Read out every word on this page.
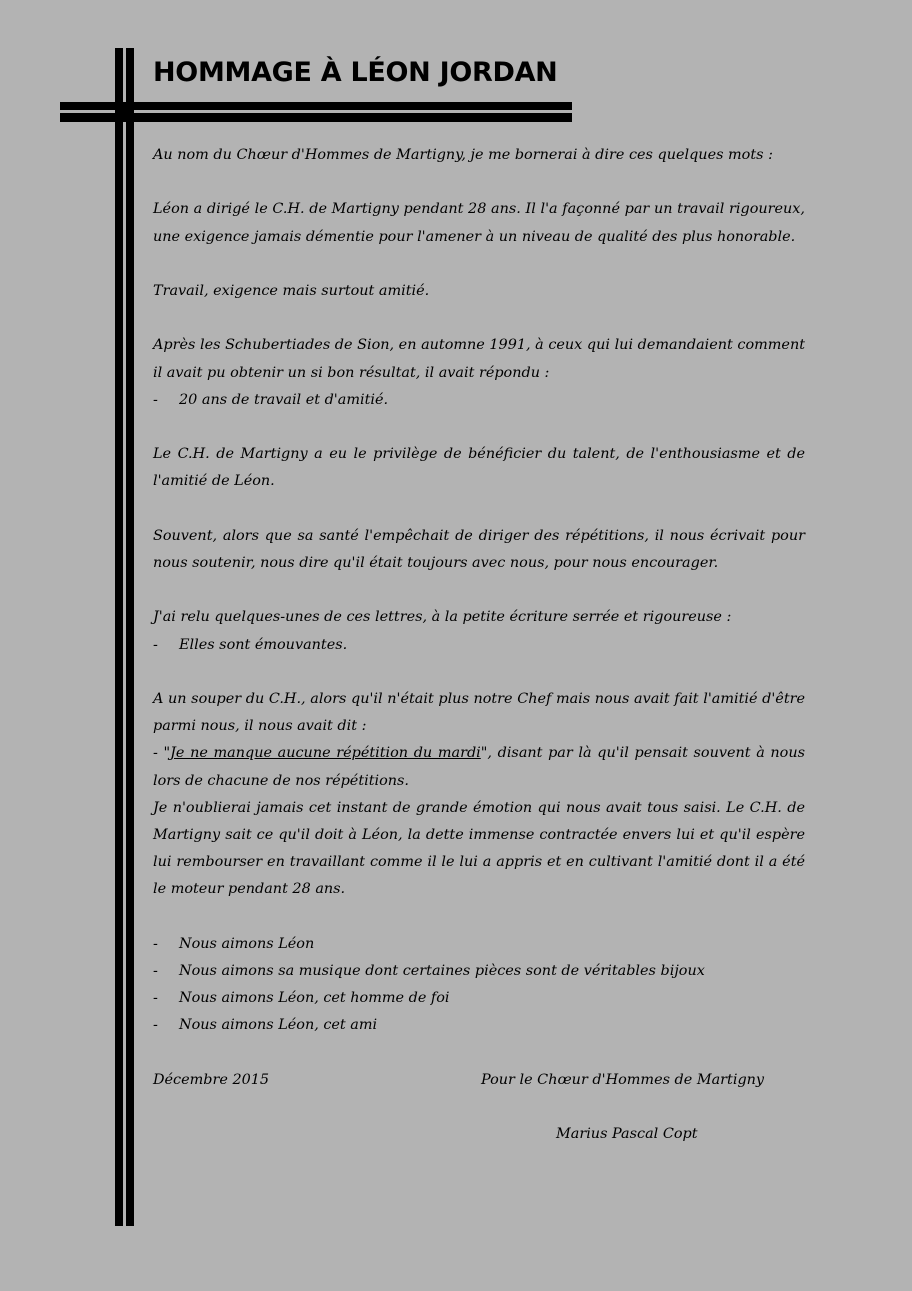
HOMMAGE À LÉON JORDAN

Au nom du Chœur d'Hommes de Martigny, je me bornerai à dire ces quelques mots :

Léon a dirigé le C.H. de Martigny pendant 28 ans. Il l'a façonné par un travail rigoureux, une exigence jamais démentie pour l'amener à un niveau de qualité des plus honorable.

Travail, exigence mais surtout amitié.

Après les Schubertiades de Sion, en automne 1991, à ceux qui lui demandaient comment il avait pu obtenir un si bon résultat, il avait répondu :

- 20 ans de travail et d'amitié.

Le C.H. de Martigny a eu le privilège de bénéficier du talent, de l'enthousiasme et de l'amitié de Léon.

Souvent, alors que sa santé l'empêchait de diriger des répétitions, il nous écrivait pour nous soutenir, nous dire qu'il était toujours avec nous, pour nous encourager.

J'ai relu quelques-unes de ces lettres, à la petite écriture serrée et rigoureuse :

- Elles sont émouvantes.

A un souper du C.H., alors qu'il n'était plus notre Chef mais nous avait fait l'amitié d'être parmi nous, il nous avait dit :

- "Je ne manque aucune répétition du mardi", disant par là qu'il pensait souvent à nous lors de chacune de nos répétitions.

Je n'oublierai jamais cet instant de grande émotion qui nous avait tous saisi. Le C.H. de Martigny sait ce qu'il doit à Léon, la dette immense contractée envers lui et qu'il espère lui rembourser en travaillant comme il le lui a appris et en cultivant l'amitié dont il a été le moteur pendant 28 ans.

- Nous aimons Léon
- Nous aimons sa musique dont certaines pièces sont de véritables bijoux
- Nous aimons Léon, cet homme de foi
- Nous aimons Léon, cet ami
Décembre 2015	Pour le Chœur d'Hommes de Martigny
Marius Pascal Copt
